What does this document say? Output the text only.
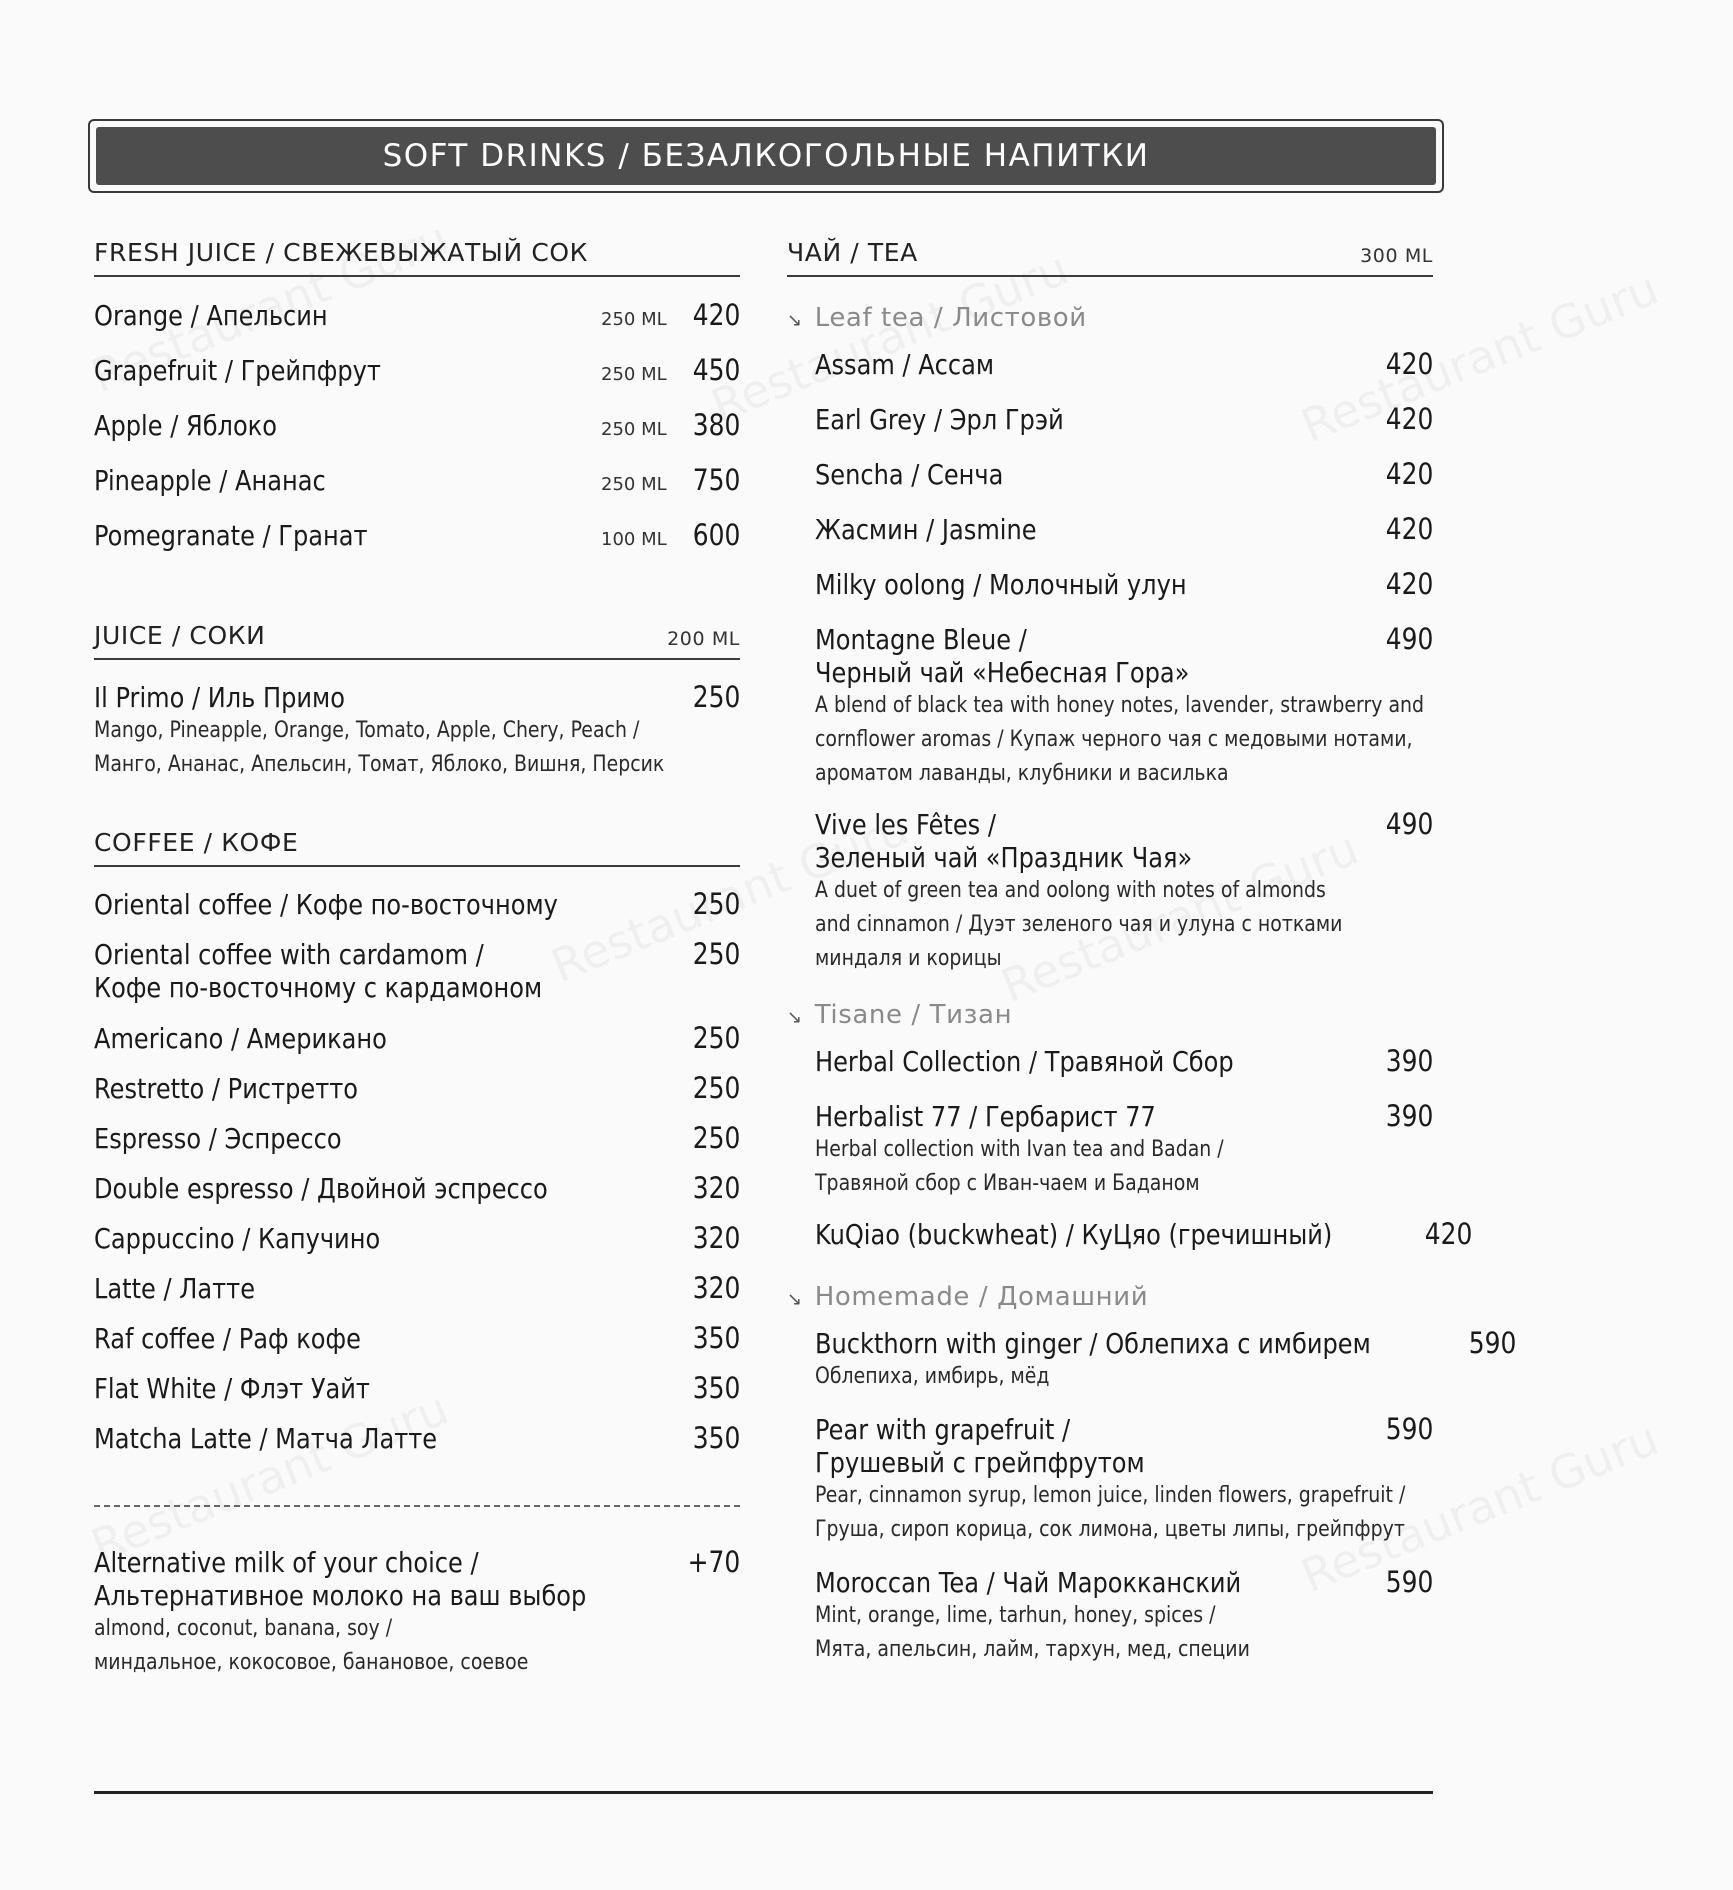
SOFT DRINKS / БЕЗАЛКОГОЛЬНЫЕ НАПИТКИ
FRESH JUICE / СВЕЖЕВЫЖАТЫЙ СОК
Orange / Апельсин	250 ML 420
Grapefruit / Грейпфрут	250 ML 450
Apple / Яблоко	250 ML 380
Pineapple / Ананас	250 ML 750
Pomegranate / Гранат	100 ML 600
JUICE / СОКИ	200 ML
Il Primo / Иль Примо	250
Mango, Pineapple, Orange, Tomato, Apple, Chery, Peach /
Манго, Ананас, Апельсин, Томат, Яблоко, Вишня, Персик
COFFEE / КОФЕ
Oriental coffee / Кофе по-восточному	250
Oriental coffee with cardamom /	250
Кофе по-восточному с кардамоном
Americano / Американо	250
Restretto / Ристретто	250
Espresso / Эспрессо	250
Double espresso / Двойной эспрессо	320
Cappuccino / Капучино	320
Latte / Латте	320
Raf coffee / Раф кофе	350
Flat White / Флэт Уайт	350
Matcha Latte / Матча Латте	350
Alternative milk of your choice /	+70
Альтернативное молоко на ваш выбор
almond, coconut, banana, soy /
миндальное, кокосовое, банановое, соевое
ЧАЙ / TEA	300 ML
↘ Leaf tea / Листовой
Assam / Ассам	420
Earl Grey / Эрл Грэй	420
Sencha / Сенча	420
Жасмин / Jasmine	420
Milky oolong / Молочный улун	420
Montagne Bleue /	490
Черный чай «Небесная Гора»
A blend of black tea with honey notes, lavender, strawberry and
cornflower aromas / Купаж черного чая с медовыми нотами,
ароматом лаванды, клубники и василька
Vive les Fêtes /	490
Зеленый чай «Праздник Чая»
A duet of green tea and oolong with notes of almonds
and cinnamon / Дуэт зеленого чая и улуна с нотками
миндаля и корицы
↘ Tisane / Тизан
Herbal Collection / Травяной Сбор	390
Herbalist 77 / Гербарист 77	390
Herbal collection with Ivan tea and Badan /
Травяной сбор с Иван-чаем и Баданом
KuQiao (buckwheat) / КуЦяо (гречишный)	420
↘ Homemade / Домашний
Buckthorn with ginger / Облепиха с имбирем	590
Облепиха, имбирь, мёд
Pear with grapefruit /	590
Грушевый с грейпфрутом
Pear, cinnamon syrup, lemon juice, linden flowers, grapefruit /
Груша, сироп корица, сок лимона, цветы липы, грейпфрут
Moroccan Tea / Чай Марокканский	590
Mint, orange, lime, tarhun, honey, spices /
Мята, апельсин, лайм, тархун, мед, специи
